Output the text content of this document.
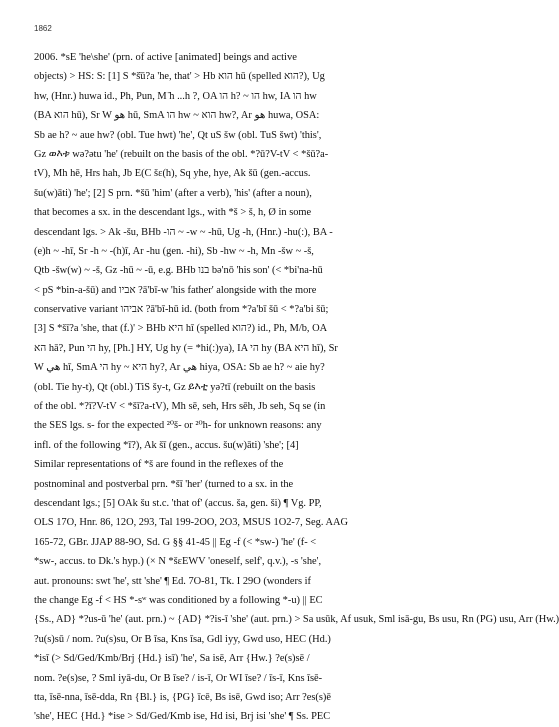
1862
2006. *sE 'he\she' (prn. of active [animated] beings and active
objects) > HS: S: [1] S *š̄ū?a 'he, that' > Hb הוא hū (spelled הוא?), Ug
hw, (Hnr.) huwa id., Ph, Pun, M ̄h ...h ?, OA הו h? ~ הו hw, IA הו hw
(BA הוא hū), Sr W هو hū, SmA הו hw ~ הוא hw?, Ar هو huwa, OSA:
Sb ae h? ~ aue hw? (obl. Tue hwt) 'he', Qt uS šw (obl. TuS šwt) 'this',
Gz ወእቱ wə?ətu 'he' (rebuilt on the basis of the obl. *?ū?V-tV < *šū?a-
tV), Mh hē, Hrs hah, Jb E(C šε(h), Sq yhe, hye, Ak šū (gen.-accus.
šu(w)āti) 'he'; [2] S prn. *šū 'him' (after a verb), 'his' (after a noun),
that becomes a sx. in the descendant lgs., with *š > š, h, Ø in some
descendant lgs. > Ak -šu, BHb -הו ~ -w ~ -hū, Ug -h, (Hnr.) -hu(:), BA -
(e)h ~ -hī, Sr -h ~ -(h)ī, Ar -hu (gen. -hi), Sb -hw ~ -h, Mn -šw ~ -š,
Qtb -šw(w) ~ -š, Gz -hū ~ -ū, e.g. BHb בנו bə'nō 'his son' (< *bi'na-hū
< pS *bin-a-šū) and אביו ?ā'bī-w 'his father' alongside with the more
conservative variant אביהו ?ā'bī-hū id. (both from *?a'bī šū < *?a'bi šū;
[3] S *šī?a 'she, that (f.)' > BHb היא hī (spelled הוא?) id., Ph, M/b, OA
הא hā?, Pun הי hy, [Ph.] HY, Ug hy (= *hi(:)ya), IA הי hy (BA היא hī), Sr
W هي hī, SmA הי hy ~ היא hy?, Ar هي hiya, OSA: Sb ae h? ~ aie hy?
(obl. Tie hy-t), Qt (obl.) TiS šy-t, Gz ይእቲ yə?tī (rebuilt on the basis
of the obl. *?ī?V-tV < *šī?a-tV), Mh sē, seh, Hrs sēh, Jb seh, Sq se (in
the SES lgs. s- for the expected ²⁰š- or ²⁰h- for unknown reasons: any
infl. of the following *ī?), Ak šī (gen., accus. šu(w)āti) 'she'; [4]
Similar representations of *š are found in the reflexes of the
postnominal and postverbal prn. *šī 'her' (turned to a sx. in the
descendant lgs.; [5] OAk šu st.c. 'that of' (accus. ša, gen. ši) ¶ Vg. PP,
OLS 17O, Hnr. 86, 12O, 293, Tal 199-2OO, 2O3, MSUS 1O2-7, Seg. AAG
165-72, GBr. JJAP 88-9O, Sd. G §§ 41-45 || Eg -f (< *sw-) 'he' (f- <
*sw-, accus. to Dk.'s hyp.) (× N *šεEWV 'oneself, self', q.v.), -s 'she',
aut. pronouns: swt 'he', stt 'she' ¶ Ed. 7O-81, Tk. I 29O (wonders if
the change Eg -f < HS *-sʷ was conditioned by a following *-u) || EC
{Ss., AD} *?us-ū 'he' (aut. prn.) ~ {AD} *?is-ī 'she' (aut. prn.) > Sa usūk, Af usuk, Sml isā-gu, Bs usu, Rn (PG) usu, Arr (Hw.)
?u(s)sū / nom. ?u(s)su, Or B īsa, Kns īsa, Gdl iyy, Gwd uso, HEC (Hd.)
*isī (> Sd/Ged/Kmb/Brj {Hd.} isī) 'he', Sa isē, Arr {Hw.} ?e(s)sē /
nom. ?e(s)se, ? Sml iyā-du, Or B īse? / is-ī, Or WI īse? / īs-ī, Kns īsē-
tta, īsē-nna, īsē-dda, Rn {Bl.} is, {PG} īcē, Bs isē, Gwd iso; Arr ?es(s)ē
'she', HEC {Hd.} *ise > Sd/Ged/Kmb ise, Hd isi, Brj isi 'she' ¶ Ss. PEC
